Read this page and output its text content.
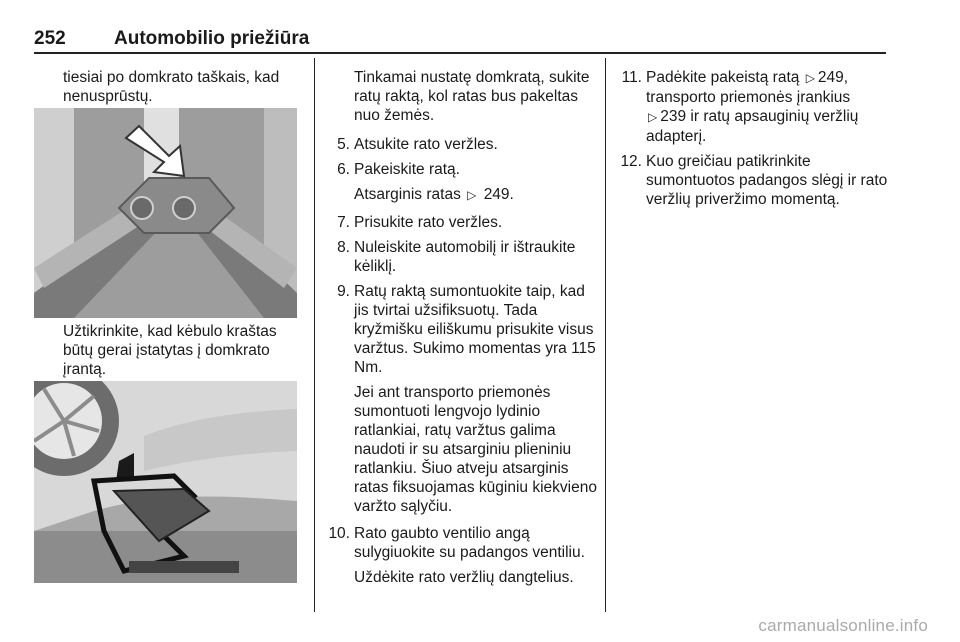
252	Automobilio priežiūra
tiesiai po domkrato taškais, kad nenusprūstų.
Užtikrinkite, kad kėbulo kraštas būtų gerai įstatytas į domkrato įrantą.
Tinkamai nustatę domkratą, sukite ratų raktą, kol ratas bus pakeltas nuo žemės.
5. Atsukite rato veržles.
6. Pakeiskite ratą.
Atsarginis ratas ▷ 249.
7. Prisukite rato veržles.
8. Nuleiskite automobilį ir ištraukite kėliklį.
9. Ratų raktą sumontuokite taip, kad jis tvirtai užsifiksuotų. Tada kryžmišku eiliškumu prisukite visus varžtus. Sukimo momentas yra 115 Nm.
Jei ant transporto priemonės sumontuoti lengvojo lydinio ratlankiai, ratų varžtus galima naudoti ir su atsarginiu plieniniu ratlankiu. Šiuo atveju atsarginis ratas fiksuojamas kūginiu kiekvieno varžto sąlyčiu.
10. Rato gaubto ventilio angą sulygiuokite su padangos ventiliu.
Uždėkite rato veržlių dangtelius.
11. Padėkite pakeistą ratą ▷ 249, transporto priemonės įrankius ▷ 239 ir ratų apsauginių veržlių adapterį.
12. Kuo greičiau patikrinkite sumontuotos padangos slėgį ir rato veržlių priveržimo momentą.
carmanualsonline.info
